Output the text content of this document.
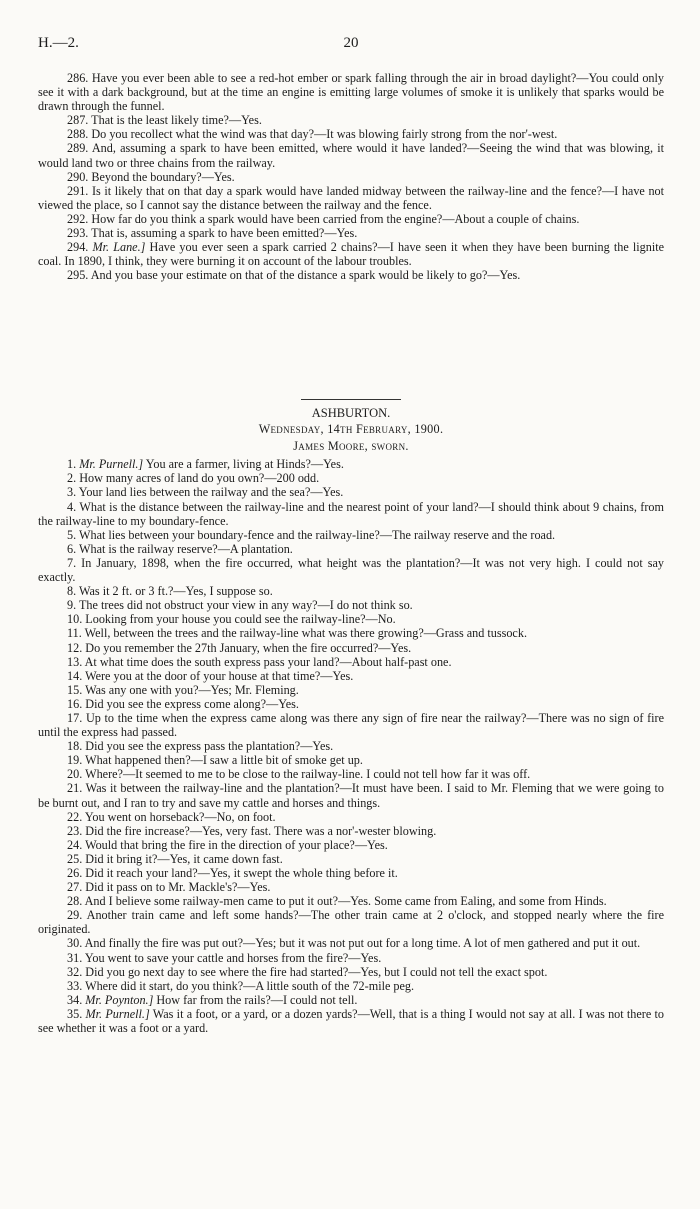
H.—2.	20

286. Have you ever been able to see a red-hot ember or spark falling through the air in broad daylight?—You could only see it with a dark background, but at the time an engine is emitting large volumes of smoke it is unlikely that sparks would be drawn through the funnel.

287. That is the least likely time?—Yes.

288. Do you recollect what the wind was that day?—It was blowing fairly strong from the nor'-west.

289. And, assuming a spark to have been emitted, where would it have landed?—Seeing the wind that was blowing, it would land two or three chains from the railway.

290. Beyond the boundary?—Yes.

291. Is it likely that on that day a spark would have landed midway between the railway-line and the fence?—I have not viewed the place, so I cannot say the distance between the railway and the fence.

292. How far do you think a spark would have been carried from the engine?—About a couple of chains.

293. That is, assuming a spark to have been emitted?—Yes.

294. Mr. Lane.] Have you ever seen a spark carried 2 chains?—I have seen it when they have been burning the lignite coal. In 1890, I think, they were burning it on account of the labour troubles.

295. And you base your estimate on that of the distance a spark would be likely to go?—Yes.

ASHBURTON.
Wednesday, 14th February, 1900.
James Moore, sworn.

1. Mr. Purnell.] You are a farmer, living at Hinds?—Yes.

2. How many acres of land do you own?—200 odd.

3. Your land lies between the railway and the sea?—Yes.

4. What is the distance between the railway-line and the nearest point of your land?—I should think about 9 chains, from the railway-line to my boundary-fence.

5. What lies between your boundary-fence and the railway-line?—The railway reserve and the road.

6. What is the railway reserve?—A plantation.

7. In January, 1898, when the fire occurred, what height was the plantation?—It was not very high. I could not say exactly.

8. Was it 2 ft. or 3 ft.?—Yes, I suppose so.

9. The trees did not obstruct your view in any way?—I do not think so.

10. Looking from your house you could see the railway-line?—No.

11. Well, between the trees and the railway-line what was there growing?—Grass and tussock.

12. Do you remember the 27th January, when the fire occurred?—Yes.

13. At what time does the south express pass your land?—About half-past one.

14. Were you at the door of your house at that time?—Yes.

15. Was any one with you?—Yes; Mr. Fleming.

16. Did you see the express come along?—Yes.

17. Up to the time when the express came along was there any sign of fire near the railway?—There was no sign of fire until the express had passed.

18. Did you see the express pass the plantation?—Yes.

19. What happened then?—I saw a little bit of smoke get up.

20. Where?—It seemed to me to be close to the railway-line. I could not tell how far it was off.

21. Was it between the railway-line and the plantation?—It must have been. I said to Mr. Fleming that we were going to be burnt out, and I ran to try and save my cattle and horses and things.

22. You went on horseback?—No, on foot.

23. Did the fire increase?—Yes, very fast. There was a nor'-wester blowing.

24. Would that bring the fire in the direction of your place?—Yes.

25. Did it bring it?—Yes, it came down fast.

26. Did it reach your land?—Yes, it swept the whole thing before it.

27. Did it pass on to Mr. Mackle's?—Yes.

28. And I believe some railway-men came to put it out?—Yes. Some came from Ealing, and some from Hinds.

29. Another train came and left some hands?—The other train came at 2 o'clock, and stopped nearly where the fire originated.

30. And finally the fire was put out?—Yes; but it was not put out for a long time. A lot of men gathered and put it out.

31. You went to save your cattle and horses from the fire?—Yes.

32. Did you go next day to see where the fire had started?—Yes, but I could not tell the exact spot.

33. Where did it start, do you think?—A little south of the 72-mile peg.

34. Mr. Poynton.] How far from the rails?—I could not tell.

35. Mr. Purnell.] Was it a foot, or a yard, or a dozen yards?—Well, that is a thing I would not say at all. I was not there to see whether it was a foot or a yard.
